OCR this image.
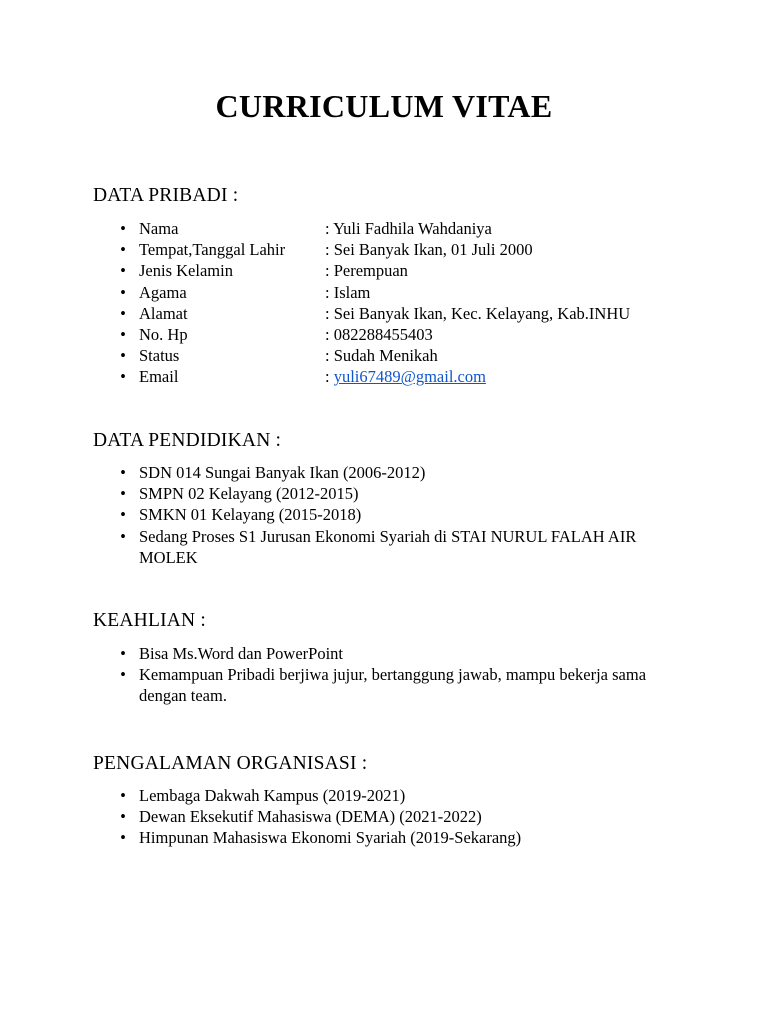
CURRICULUM VITAE
DATA PRIBADI :
• Nama	: Yuli Fadhila Wahdaniya
• Tempat,Tanggal Lahir : Sei Banyak Ikan, 01 Juli 2000
• Jenis Kelamin	: Perempuan
• Agama	: Islam
• Alamat	: Sei Banyak Ikan, Kec. Kelayang, Kab.INHU
• No. Hp	: 082288455403
• Status	: Sudah Menikah
• Email	: yuli67489@gmail.com
DATA PENDIDIKAN :
• SDN 014 Sungai Banyak Ikan (2006-2012)
• SMPN 02 Kelayang (2012-2015)
• SMKN 01 Kelayang (2015-2018)
• Sedang Proses S1 Jurusan Ekonomi Syariah di STAI NURUL FALAH AIR MOLEK
KEAHLIAN :
• Bisa Ms.Word dan PowerPoint
• Kemampuan Pribadi berjiwa jujur, bertanggung jawab, mampu bekerja sama dengan team.
PENGALAMAN ORGANISASI :
• Lembaga Dakwah Kampus (2019-2021)
• Dewan Eksekutif Mahasiswa (DEMA) (2021-2022)
• Himpunan Mahasiswa Ekonomi Syariah (2019-Sekarang)
